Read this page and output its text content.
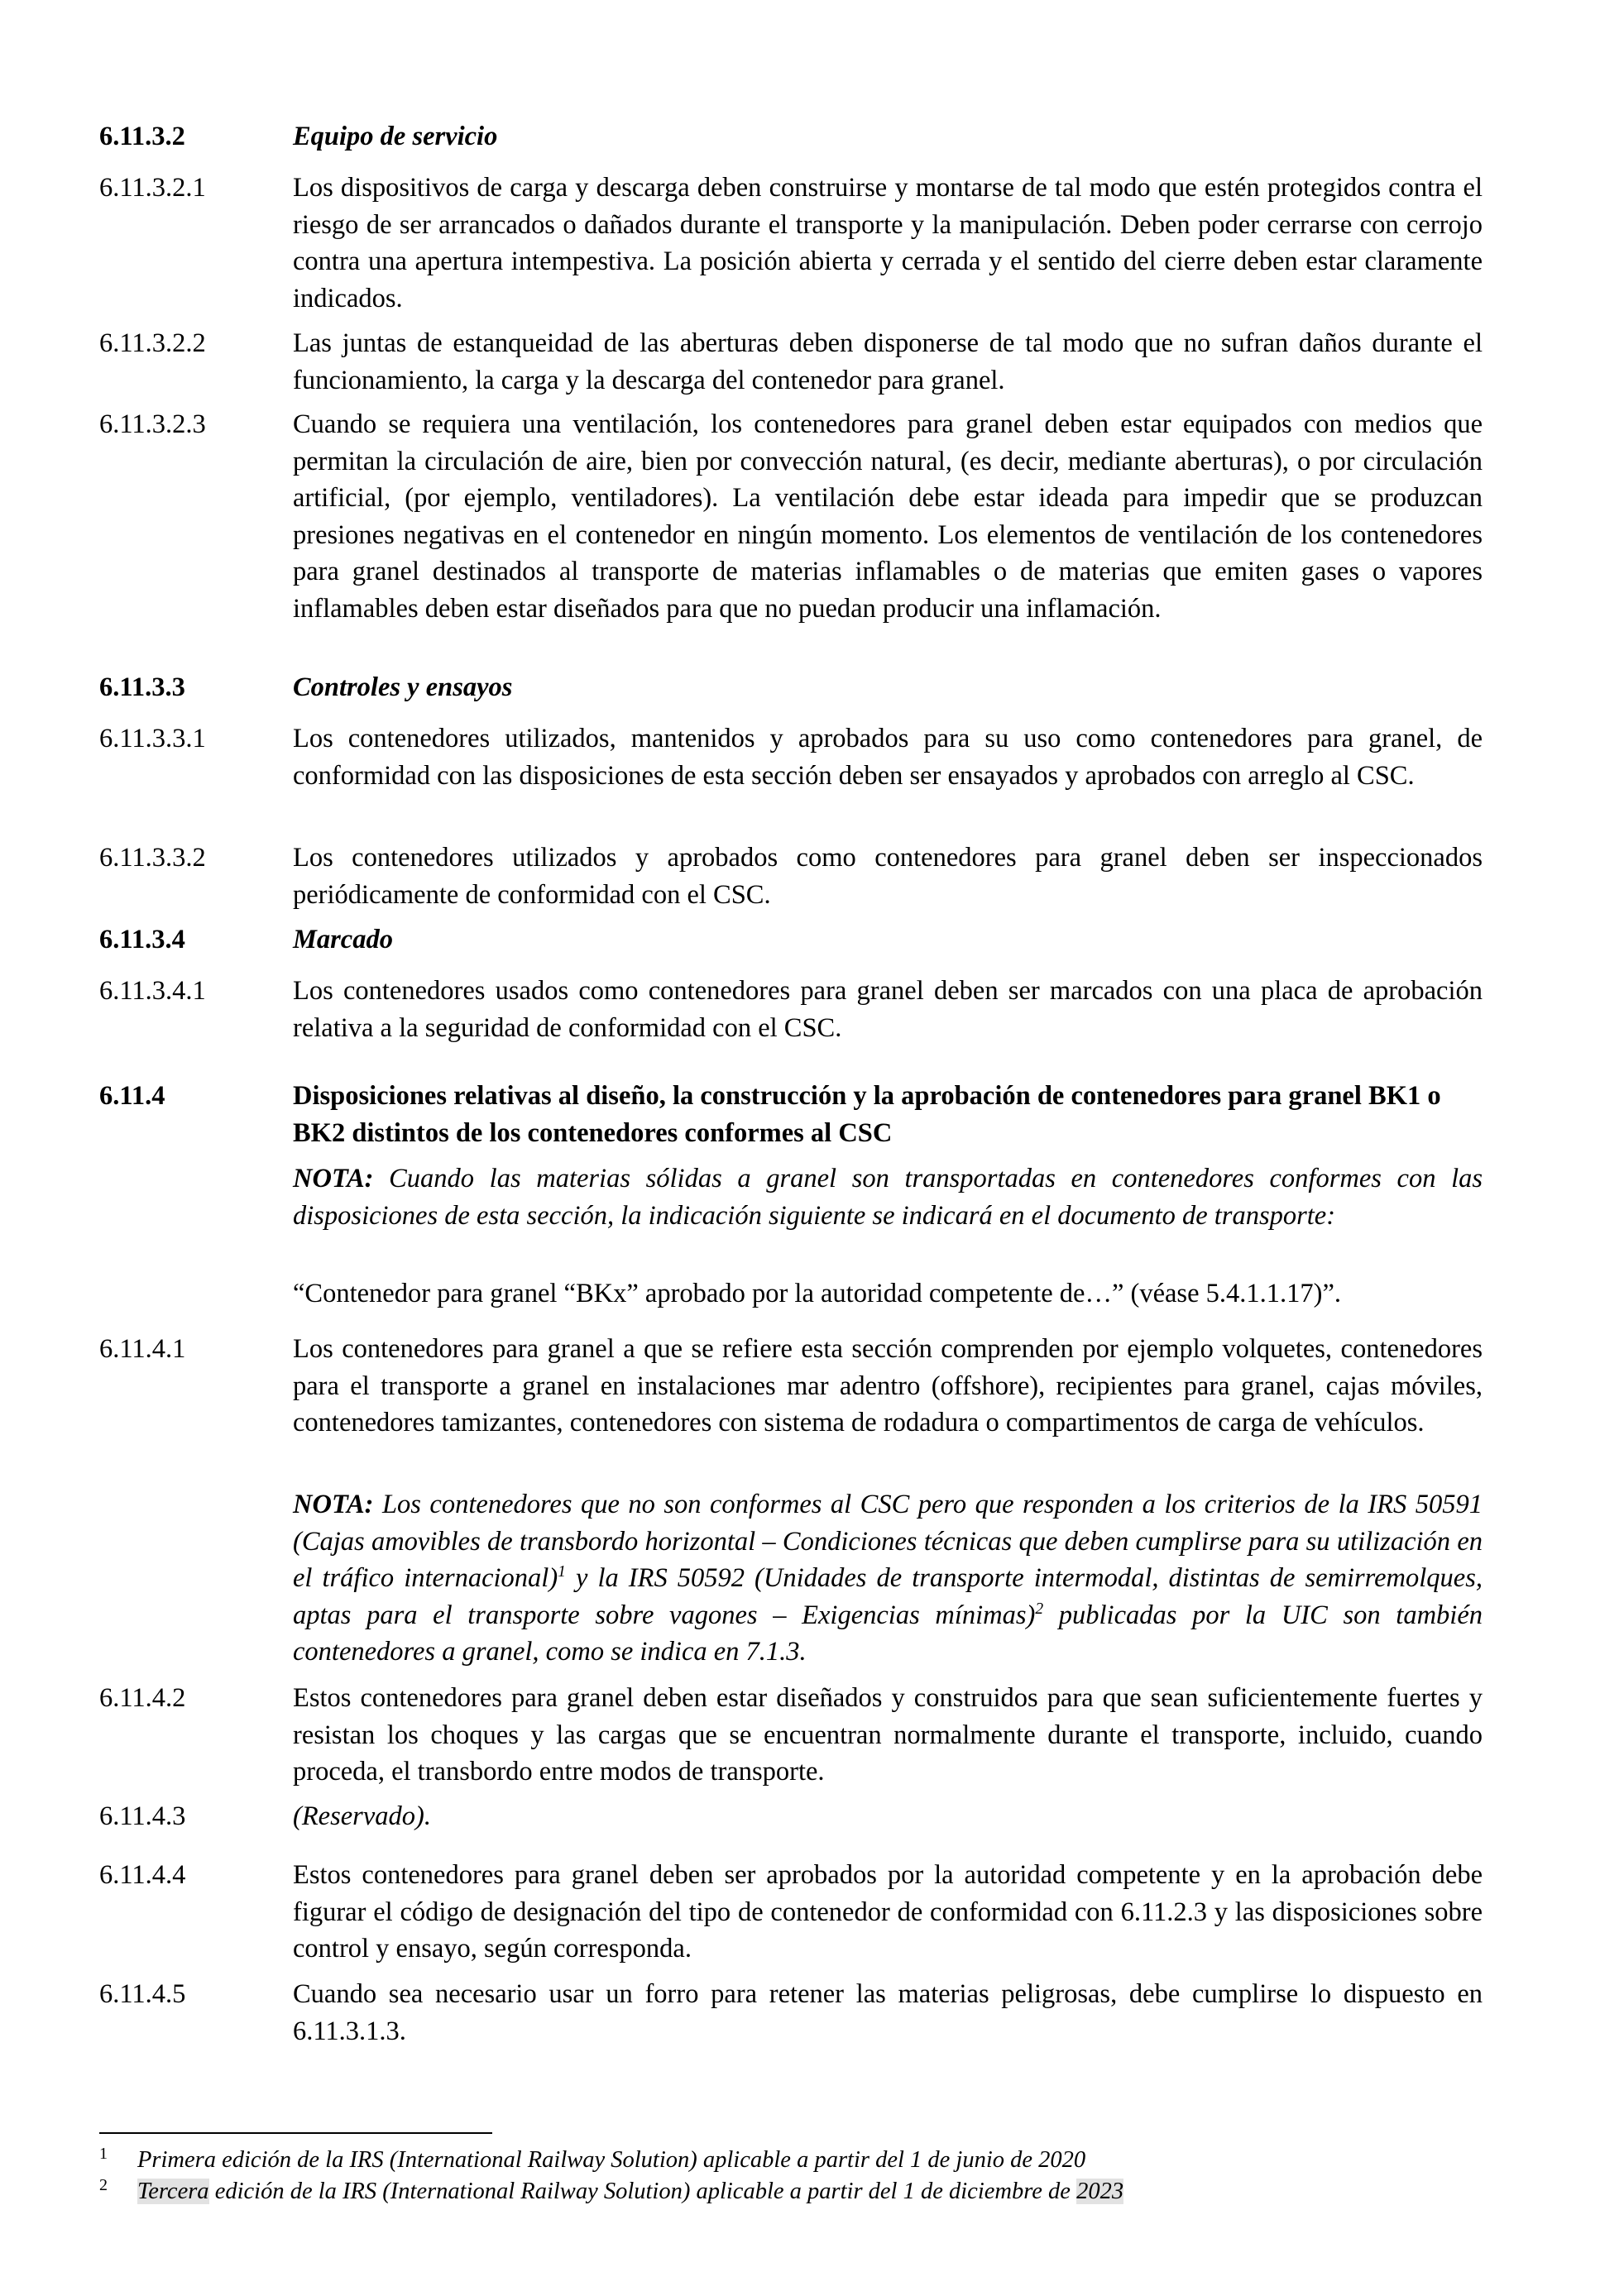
6.11.3.2	Equipo de servicio
6.11.3.2.1	Los dispositivos de carga y descarga deben construirse y montarse de tal modo que estén protegidos contra el riesgo de ser arrancados o dañados durante el transporte y la manipulación. Deben poder cerrarse con cerrojo contra una apertura intempestiva. La posición abierta y cerrada y el sentido del cierre deben estar claramente indicados.
6.11.3.2.2	Las juntas de estanqueidad de las aberturas deben disponerse de tal modo que no sufran daños durante el funcionamiento, la carga y la descarga del contenedor para granel.
6.11.3.2.3	Cuando se requiera una ventilación, los contenedores para granel deben estar equipados con medios que permitan la circulación de aire, bien por convección natural, (es decir, mediante aberturas), o por circulación artificial, (por ejemplo, ventiladores). La ventilación debe estar ideada para impedir que se produzcan presiones negativas en el contenedor en ningún momento. Los elementos de ventilación de los contenedores para granel destinados al transporte de materias inflamables o de materias que emiten gases o vapores inflamables deben estar diseñados para que no puedan producir una inflamación.
6.11.3.3	Controles y ensayos
6.11.3.3.1	Los contenedores utilizados, mantenidos y aprobados para su uso como contenedores para granel, de conformidad con las disposiciones de esta sección deben ser ensayados y aprobados con arreglo al CSC.
6.11.3.3.2	Los contenedores utilizados y aprobados como contenedores para granel deben ser inspeccionados periódicamente de conformidad con el CSC.
6.11.3.4	Marcado
6.11.3.4.1	Los contenedores usados como contenedores para granel deben ser marcados con una placa de aprobación relativa a la seguridad de conformidad con el CSC.
6.11.4	Disposiciones relativas al diseño, la construcción y la aprobación de contenedores para granel BK1 o BK2 distintos de los contenedores conformes al CSC
NOTA: Cuando las materias sólidas a granel son transportadas en contenedores conformes con las disposiciones de esta sección, la indicación siguiente se indicará en el documento de transporte:
“Contenedor para granel “BKx” aprobado por la autoridad competente de…” (véase 5.4.1.1.17)”.
6.11.4.1	Los contenedores para granel a que se refiere esta sección comprenden por ejemplo volquetes, contenedores para el transporte a granel en instalaciones mar adentro (offshore), recipientes para granel, cajas móviles, contenedores tamizantes, contenedores con sistema de rodadura o compartimentos de carga de vehículos.
NOTA: Los contenedores que no son conformes al CSC pero que responden a los criterios de la IRS 50591 (Cajas amovibles de transbordo horizontal – Condiciones técnicas que deben cumplirse para su utilización en el tráfico internacional)$^1$ y la IRS 50592 (Unidades de transporte intermodal, distintas de semirremolques, aptas para el transporte sobre vagones – Exigencias mínimas)$^2$ publicadas por la UIC son también contenedores a granel, como se indica en 7.1.3.
6.11.4.2	Estos contenedores para granel deben estar diseñados y construidos para que sean suficientemente fuertes y resistan los choques y las cargas que se encuentran normalmente durante el transporte, incluido, cuando proceda, el transbordo entre modos de transporte.
6.11.4.3	(Reservado).
6.11.4.4	Estos contenedores para granel deben ser aprobados por la autoridad competente y en la aprobación debe figurar el código de designación del tipo de contenedor de conformidad con 6.11.2.3 y las disposiciones sobre control y ensayo, según corresponda.
6.11.4.5	Cuando sea necesario usar un forro para retener las materias peligrosas, debe cumplirse lo dispuesto en 6.11.3.1.3.
1 Primera edición de la IRS (International Railway Solution) aplicable a partir del 1 de junio de 2020
2 Tercera edición de la IRS (International Railway Solution) aplicable a partir del 1 de diciembre de 2023
